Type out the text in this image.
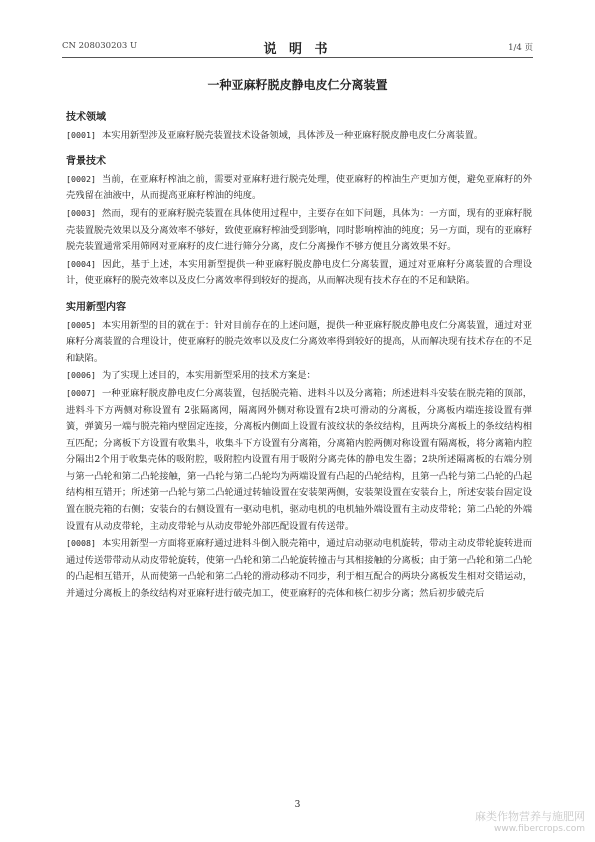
CN 208030203 U	说 明 书	1/4 页
一种亚麻籽脱皮静电皮仁分离装置
技术领域

[0001] 本实用新型涉及亚麻籽脱壳装置技术设备领域，具体涉及一种亚麻籽脱皮静电皮仁分离装置。

背景技术

[0002] 当前，在亚麻籽榨油之前，需要对亚麻籽进行脱壳处理，使亚麻籽的榨油生产更加方便，避免亚麻籽的外壳残留在油液中，从而提高亚麻籽榨油的纯度。

[0003] 然而，现有的亚麻籽脱壳装置在具体使用过程中，主要存在如下问题，具体为：一方面，现有的亚麻籽脱壳装置脱壳效果以及分离效率不够好，致使亚麻籽榨油受到影响，同时影响榨油的纯度；另一方面，现有的亚麻籽脱壳装置通常采用筛网对亚麻籽的皮仁进行筛分分离，皮仁分离操作不够方便且分离效果不好。

[0004] 因此，基于上述，本实用新型提供一种亚麻籽脱皮静电皮仁分离装置，通过对亚麻籽分离装置的合理设计，使亚麻籽的脱壳效率以及皮仁分离效率得到较好的提高，从而解决现有技术存在的不足和缺陷。

实用新型内容

[0005] 本实用新型的目的就在于：针对目前存在的上述问题，提供一种亚麻籽脱皮静电皮仁分离装置，通过对亚麻籽分离装置的合理设计，使亚麻籽的脱壳效率以及皮仁分离效率得到较好的提高，从而解决现有技术存在的不足和缺陷。

[0006] 为了实现上述目的，本实用新型采用的技术方案是：

[0007] 一种亚麻籽脱皮静电皮仁分离装置，包括脱壳箱、进料斗以及分离箱；所述进料斗安装在脱壳箱的顶部，进料斗下方两侧对称设置有 2张隔离网，隔离网外侧对称设置有2块可滑动的分离板，分离板内端连接设置有弹簧，弹簧另一端与脱壳箱内壁固定连接，分离板内侧面上设置有波纹状的条纹结构，且两块分离板上的条纹结构相互匹配；分离板下方设置有收集斗，收集斗下方设置有分离箱，分离箱内腔两侧对称设置有隔离板，将分离箱内腔分隔出2个用于收集壳体的吸附腔，吸附腔内设置有用于吸附分离壳体的静电发生器；2块所述隔离板的右端分别与第一凸轮和第二凸轮接触，第一凸轮与第二凸轮均为两端设置有凸起的凸轮结构，且第一凸轮与第二凸轮的凸起结构相互错开；所述第一凸轮与第二凸轮通过转轴设置在安装架两侧，安装架设置在安装台上，所述安装台固定设置在脱壳箱的右侧；安装台的右侧设置有一驱动电机，驱动电机的电机轴外端设置有主动皮带轮；第二凸轮的外端设置有从动皮带轮，主动皮带轮与从动皮带轮外部匹配设置有传送带。

[0008] 本实用新型一方面将亚麻籽通过进料斗倒入脱壳箱中，通过启动驱动电机旋转，带动主动皮带轮旋转进而通过传送带带动从动皮带轮旋转，使第一凸轮和第二凸轮旋转撞击与其相接触的分离板；由于第一凸轮和第二凸轮的凸起相互错开，从而使第一凸轮和第二凸轮的滑动移动不同步，利于相互配合的两块分离板发生相对交错运动，并通过分离板上的条纹结构对亚麻籽进行破壳加工，使亚麻籽的壳体和核仁初步分离；然后初步破壳后

3
麻类作物营养与施肥网
www.fibercrops.com
